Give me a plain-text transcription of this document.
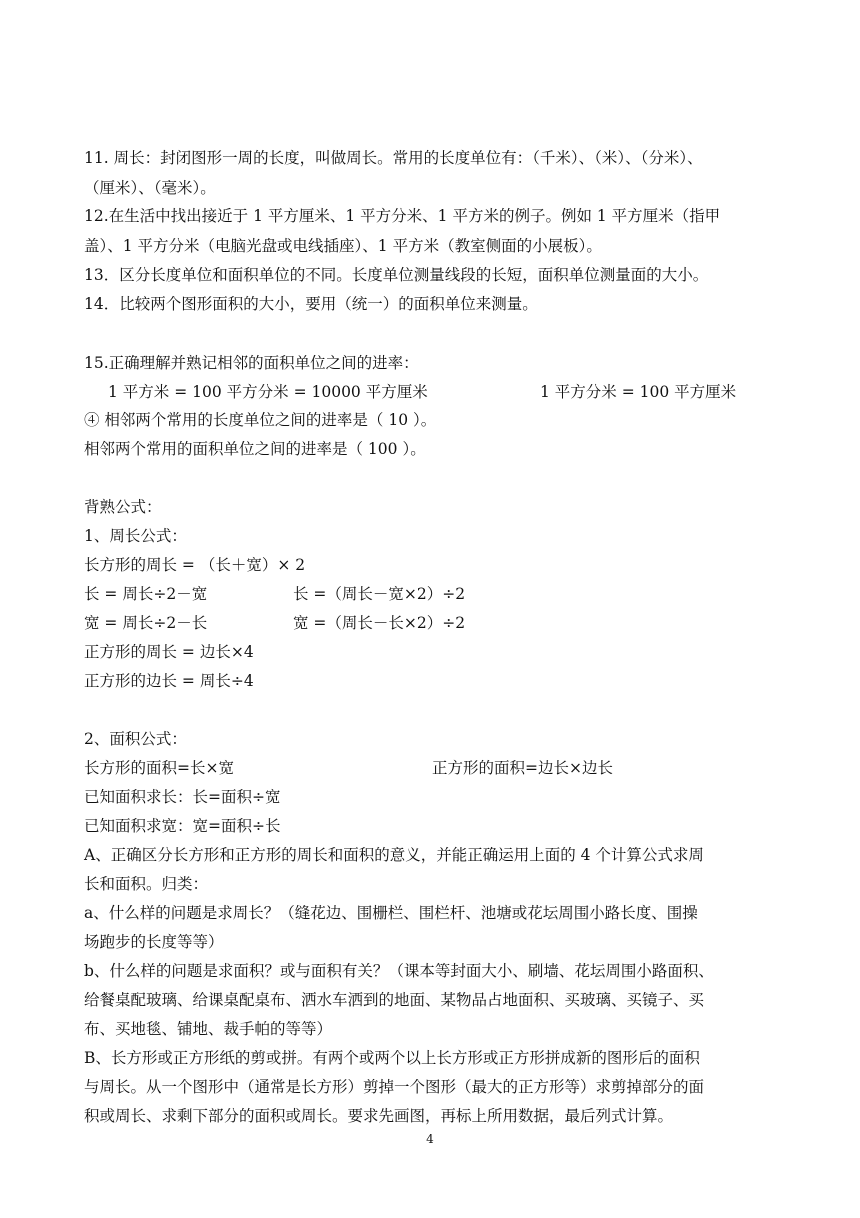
11. 周长：封闭图形一周的长度，叫做周长。常用的长度单位有：（千米）、（米）、（分米）、
（厘米）、（毫米）。
12.在生活中找出接近于 1 平方厘米、1 平方分米、1 平方米的例子。例如 1 平方厘米（指甲
盖）、1 平方分米（电脑光盘或电线插座）、1 平方米（教室侧面的小展板）。
13．区分长度单位和面积单位的不同。长度单位测量线段的长短，面积单位测量面的大小。
14．比较两个图形面积的大小，要用（统一）的面积单位来测量。
15.正确理解并熟记相邻的面积单位之间的进率：
1 平方米 = 100 平方分米 = 10000 平方厘米	1 平方分米 = 100 平方厘米
④ 相邻两个常用的长度单位之间的进率是（ 10 ）。
相邻两个常用的面积单位之间的进率是（ 100 ）。
背熟公式：
1、周长公式：
长方形的周长 = （长＋宽）× 2
长 = 周长÷2－宽	长 =（周长－宽×2）÷2
宽 = 周长÷2－长	宽 =（周长－长×2）÷2
正方形的周长 = 边长×4
正方形的边长 = 周长÷4
2、面积公式：
长方形的面积=长×宽	正方形的面积=边长×边长
已知面积求长：长=面积÷宽
已知面积求宽：宽=面积÷长
A、正确区分长方形和正方形的周长和面积的意义，并能正确运用上面的 4 个计算公式求周
长和面积。归类：
a、什么样的问题是求周长？（缝花边、围栅栏、围栏杆、池塘或花坛周围小路长度、围操
场跑步的长度等等）
b、什么样的问题是求面积？或与面积有关？（课本等封面大小、刷墙、花坛周围小路面积、
给餐桌配玻璃、给课桌配桌布、洒水车洒到的地面、某物品占地面积、买玻璃、买镜子、买
布、买地毯、铺地、裁手帕的等等）
B、长方形或正方形纸的剪或拼。有两个或两个以上长方形或正方形拼成新的图形后的面积
与周长。从一个图形中（通常是长方形）剪掉一个图形（最大的正方形等）求剪掉部分的面
积或周长、求剩下部分的面积或周长。要求先画图，再标上所用数据，最后列式计算。
4
